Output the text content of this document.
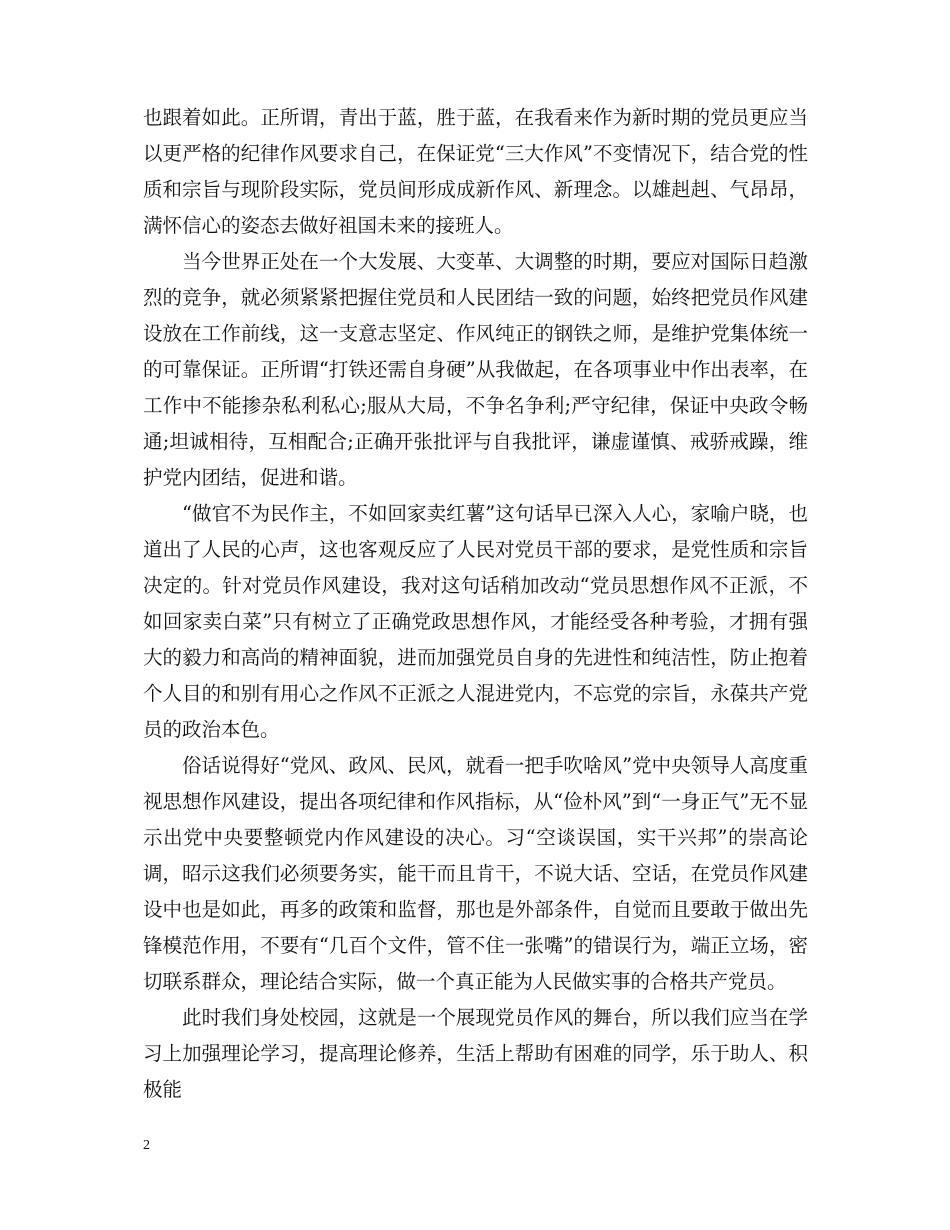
也跟着如此。正所谓，青出于蓝，胜于蓝，在我看来作为新时期的党员更应当以更严格的纪律作风要求自己，在保证党“三大作风”不变情况下，结合党的性质和宗旨与现阶段实际，党员间形成成新作风、新理念。以雄赳赳、气昂昂，满怀信心的姿态去做好祖国未来的接班人。

当今世界正处在一个大发展、大变革、大调整的时期，要应对国际日趋激烈的竞争，就必须紧紧把握住党员和人民团结一致的问题，始终把党员作风建设放在工作前线，这一支意志坚定、作风纯正的钢铁之师，是维护党集体统一的可靠保证。正所谓“打铁还需自身硬”从我做起，在各项事业中作出表率，在工作中不能掺杂私利私心;服从大局，不争名争利;严守纪律，保证中央政令畅通;坦诚相待，互相配合;正确开张批评与自我批评，谦虚谨慎、戒骄戒躁，维护党内团结，促进和谐。

“做官不为民作主，不如回家卖红薯”这句话早已深入人心，家喻户晓，也道出了人民的心声，这也客观反应了人民对党员干部的要求，是党性质和宗旨决定的。针对党员作风建设，我对这句话稍加改动“党员思想作风不正派，不如回家卖白菜”只有树立了正确党政思想作风，才能经受各种考验，才拥有强大的毅力和高尚的精神面貌，进而加强党员自身的先进性和纯洁性，防止抱着个人目的和别有用心之作风不正派之人混进党内，不忘党的宗旨，永葆共产党员的政治本色。

俗话说得好“党风、政风、民风，就看一把手吹啥风”党中央领导人高度重视思想作风建设，提出各项纪律和作风指标，从“俭朴风”到“一身正气”无不显示出党中央要整顿党内作风建设的决心。习“空谈误国，实干兴邦”的崇高论调，昭示这我们必须要务实，能干而且肯干，不说大话、空话，在党员作风建设中也是如此，再多的政策和监督，那也是外部条件，自觉而且要敢于做出先锋模范作用，不要有“几百个文件，管不住一张嘴”的错误行为，端正立场，密切联系群众，理论结合实际，做一个真正能为人民做实事的合格共产党员。

此时我们身处校园，这就是一个展现党员作风的舞台，所以我们应当在学习上加强理论学习，提高理论修养，生活上帮助有困难的同学，乐于助人、积极能

2
